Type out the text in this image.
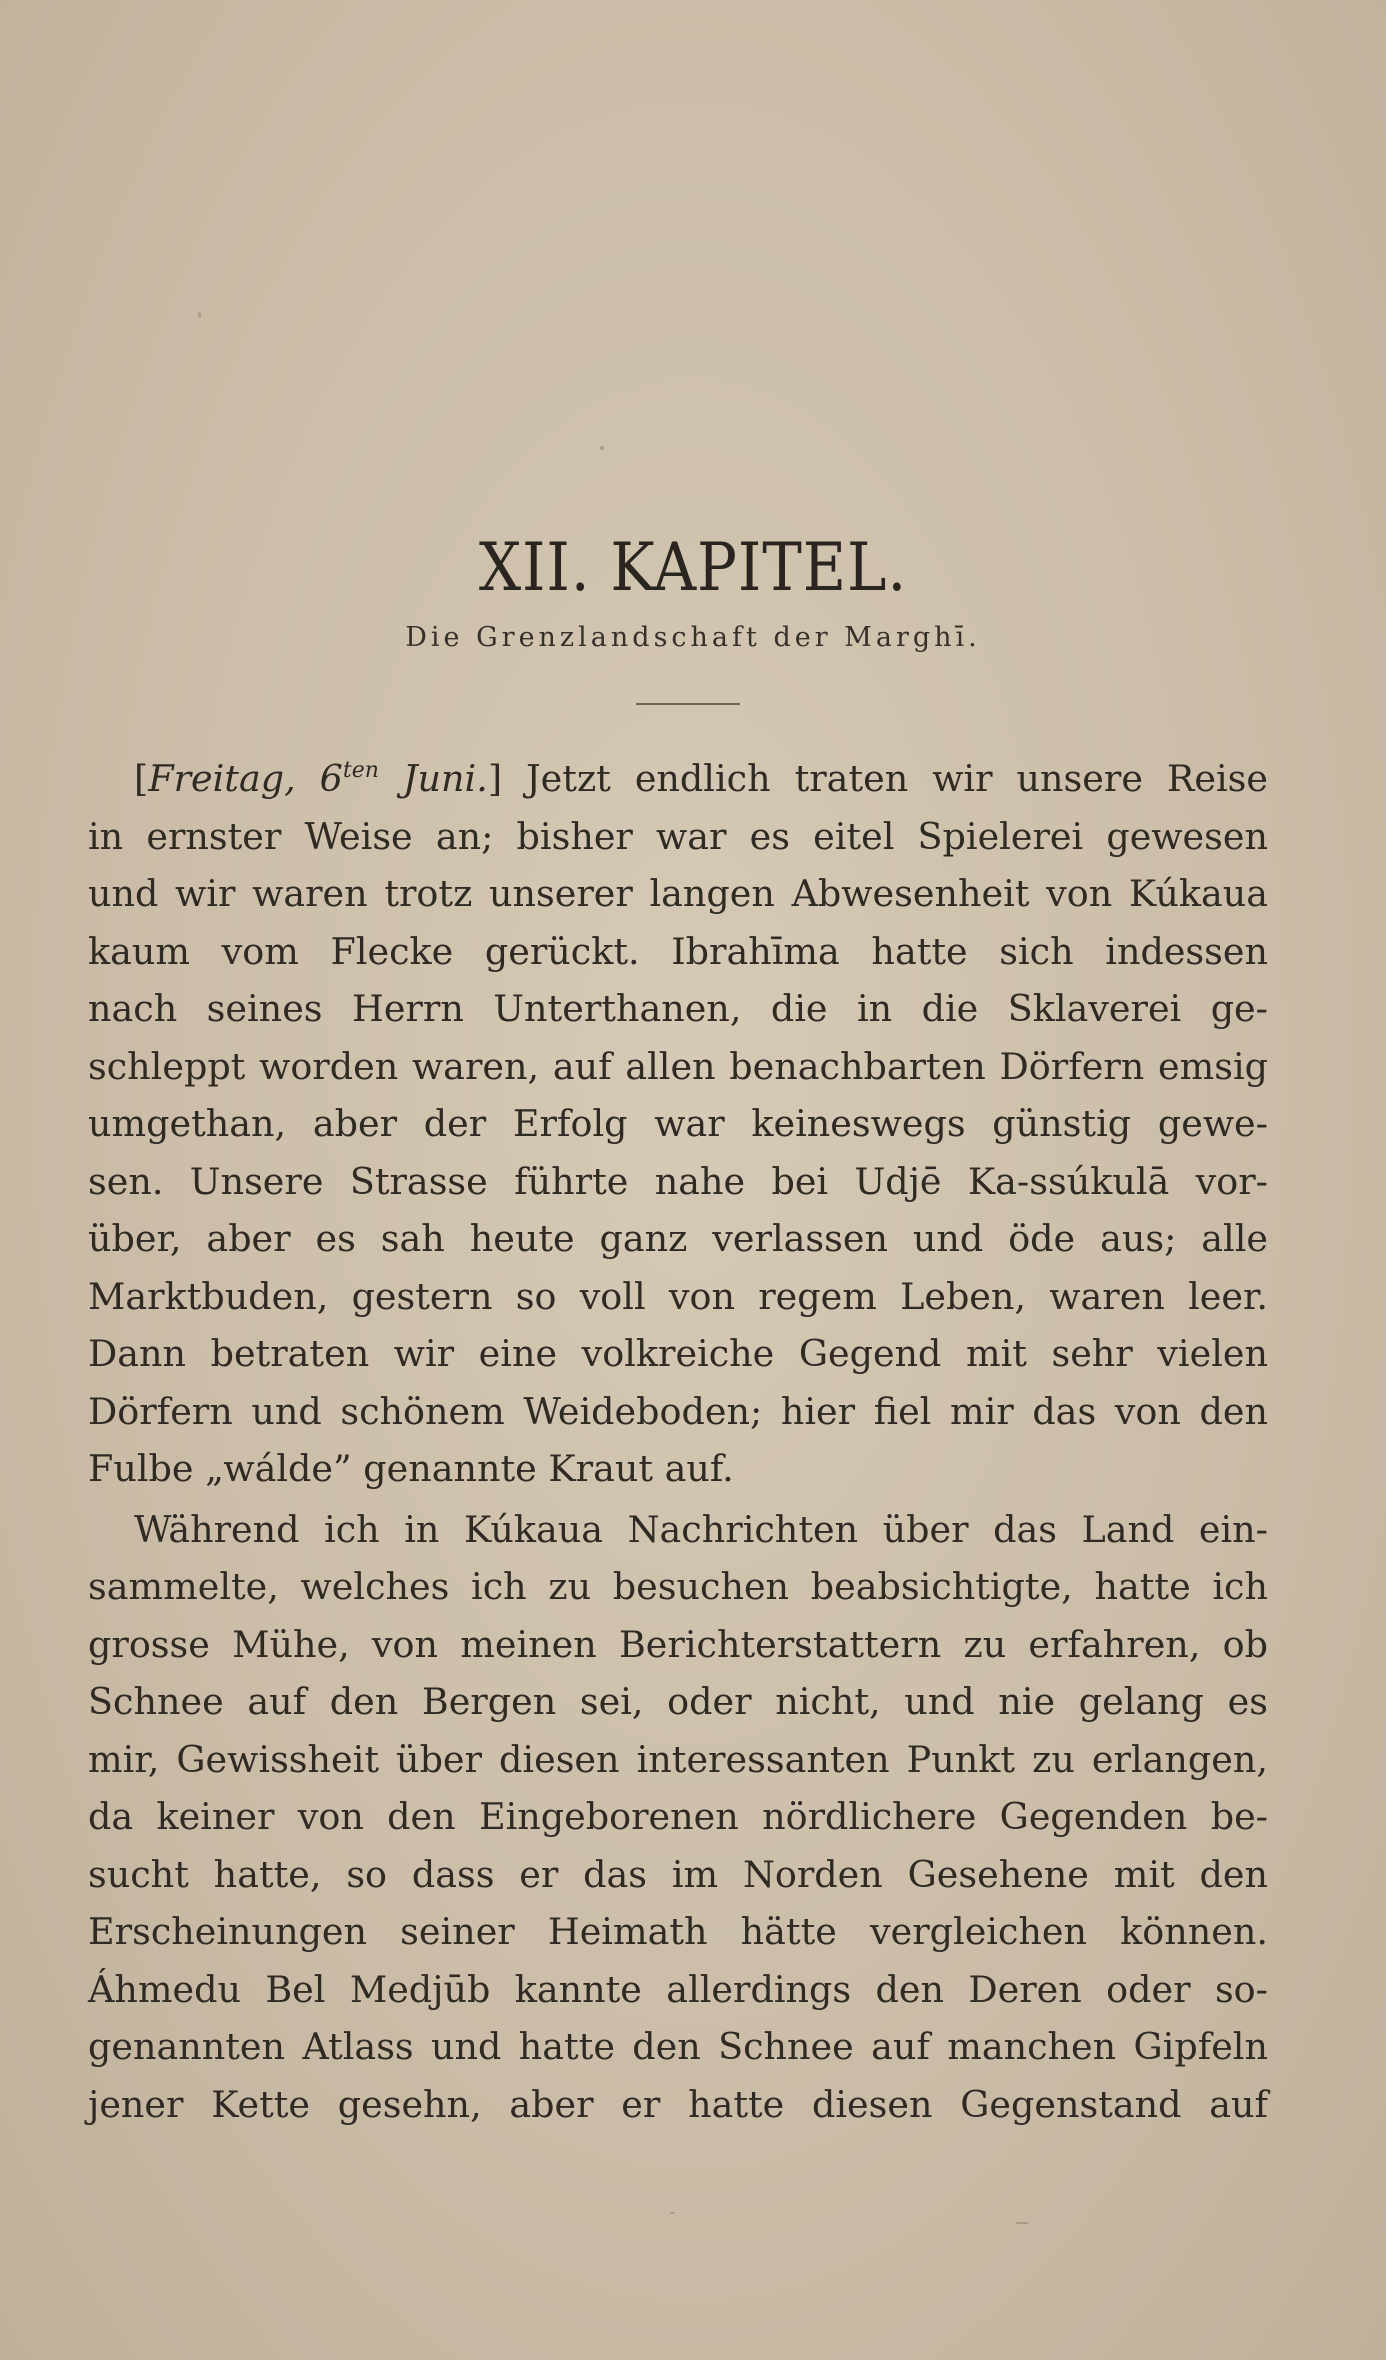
XII. KAPITEL.
Die Grenzlandschaft der Marghī.

[Freitag, $6^{ten}$ Juni.] Jetzt endlich traten wir unsere Reise
in ernster Weise an; bisher war es eitel Spielerei gewesen
und wir waren trotz unserer langen Abwesenheit von Kúkaua
kaum vom Flecke gerückt. Ibrahīma hatte sich indessen
nach seines Herrn Unterthanen, die in die Sklaverei ge-
schleppt worden waren, auf allen benachbarten Dörfern emsig
umgethan, aber der Erfolg war keineswegs günstig gewe-
sen. Unsere Strasse führte nahe bei Udjē Ka-ssúkulā vor-
über, aber es sah heute ganz verlassen und öde aus; alle
Marktbuden, gestern so voll von regem Leben, waren leer.
Dann betraten wir eine volkreiche Gegend mit sehr vielen
Dörfern und schönem Weideboden; hier fiel mir das von den
Fulbe „wálde” genannte Kraut auf.

Während ich in Kúkaua Nachrichten über das Land ein-
sammelte, welches ich zu besuchen beabsichtigte, hatte ich
grosse Mühe, von meinen Berichterstattern zu erfahren, ob
Schnee auf den Bergen sei, oder nicht, und nie gelang es
mir, Gewissheit über diesen interessanten Punkt zu erlangen,
da keiner von den Eingeborenen nördlichere Gegenden be-
sucht hatte, so dass er das im Norden Gesehene mit den
Erscheinungen seiner Heimath hätte vergleichen können.
Áhmedu Bel Medjūb kannte allerdings den Deren oder so-
genannten Atlass und hatte den Schnee auf manchen Gipfeln
jener Kette gesehn, aber er hatte diesen Gegenstand auf
